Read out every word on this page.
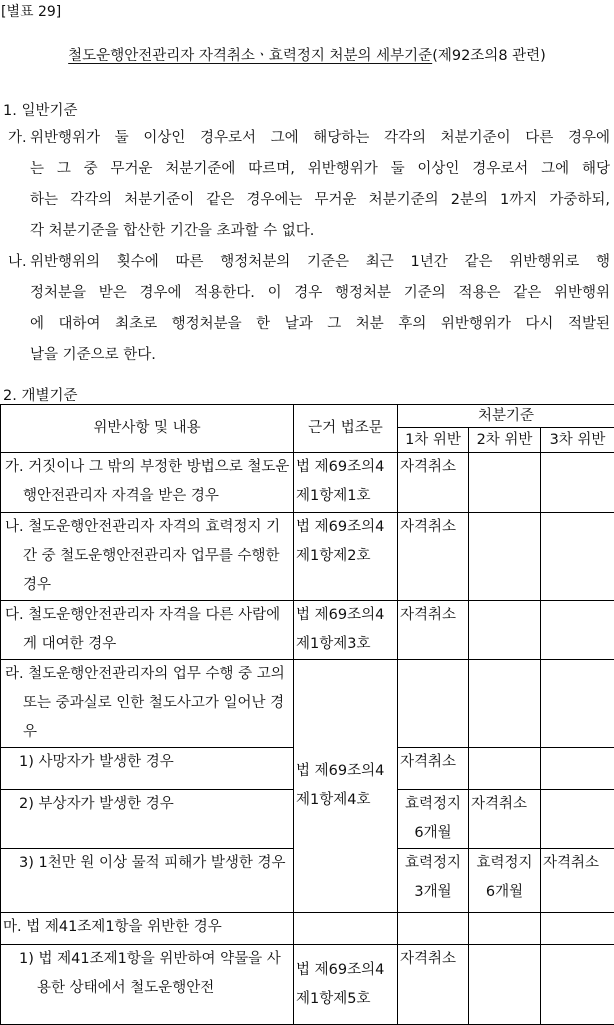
[별표 29]
철도운행안전관리자 자격취소ㆍ효력정지 처분의 세부기준(제92조의8 관련)
1. 일반기준
가. 위반행위가 둘 이상인 경우로서 그에 해당하는 각각의 처분기준이 다른 경우에
는 그 중 무거운 처분기준에 따르며, 위반행위가 둘 이상인 경우로서 그에 해당
하는 각각의 처분기준이 같은 경우에는 무거운 처분기준의 2분의 1까지 가중하되,
각 처분기준을 합산한 기간을 초과할 수 없다.
나. 위반행위의 횟수에 따른 행정처분의 기준은 최근 1년간 같은 위반행위로 행
정처분을 받은 경우에 적용한다. 이 경우 행정처분 기준의 적용은 같은 위반행위
에 대하여 최초로 행정처분을 한 날과 그 처분 후의 위반행위가 다시 적발된
날을 기준으로 한다.
2. 개별기준
위반사항 및 내용	근거 법조문	처분기준		
		1차 위반	2차 위반	3차 위반

가. 거짓이나 그 밖의 부정한 방법으로 철도운행안전관리자 자격을 받은 경우	법 제69조의4 제1항제1호	자격취소		

나. 철도운행안전관리자 자격의 효력정지 기간 중 철도운행안전관리자 업무를 수행한 경우	법 제69조의4 제1항제2호	자격취소		

다. 철도운행안전관리자 자격을 다른 사람에게 대여한 경우	법 제69조의4 제1항제3호	자격취소		

라. 철도운행안전관리자의 업무 수행 중 고의 또는 중과실로 인한 철도사고가 일어난 경우	법 제69조의4 제1항제4호			
1) 사망자가 발생한 경우		자격취소		
2) 부상자가 발생한 경우		효력정지 6개월	자격취소	

3) 1천만 원 이상 물적 피해가 발생한 경우		효력정지 3개월	효력정지 6개월	자격취소
마. 법 제41조제1항을 위반한 경우				

1) 법 제41조제1항을 위반하여 약물을 사용한 상태에서 철도운행안전	법 제69조의4 제1항제5호	자격취소		
